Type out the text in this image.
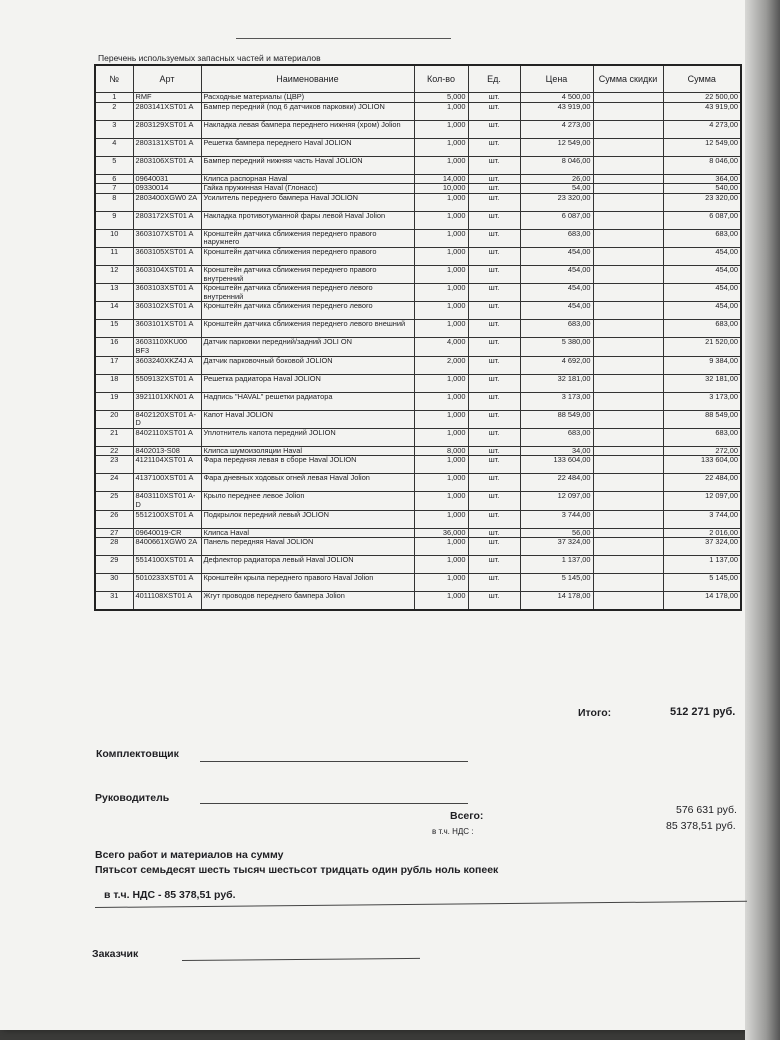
Перечень используемых запасных частей и материалов
№	Арт	Наименование	Кол-во	Ед.	Цена	Сумма скидки	Сумма
1	RMF	Расходные материалы (ЦВР)	5,000	шт.	4 500,00		22 500,00
2	2803141XST01 A	Бампер передний (под 6 датчиков парковки) JOLION	1,000	шт.	43 919,00		43 919,00
3	2803129XST01 A	Накладка левая бампера переднего нижняя (хром) Jolion	1,000	шт.	4 273,00		4 273,00
4	2803131XST01 A	Решетка бампера переднего Haval JOLION	1,000	шт.	12 549,00		12 549,00
5	2803106XST01 A	Бампер передний нижняя часть Haval JOLION	1,000	шт.	8 046,00		8 046,00
6	09640031	Клипса распорная Haval	14,000	шт.	26,00		364,00
7	09330014	Гайка пружинная Haval (Глонасс)	10,000	шт.	54,00		540,00
8	2803400XGW0 2A	Усилитель переднего бампера Haval JOLION	1,000	шт.	23 320,00		23 320,00
9	2803172XST01 A	Накладка противотуманной фары левой Haval Jolion	1,000	шт.	6 087,00		6 087,00
10	3603107XST01 A	Кронштейн датчика сближения переднего правого наружнего	1,000	шт.	683,00		683,00
11	3603105XST01 A	Кронштейн датчика сближения переднего правого	1,000	шт.	454,00		454,00
12	3603104XST01 A	Кронштейн датчика сближения переднего правого внутренний	1,000	шт.	454,00		454,00
13	3603103XST01 A	Кронштейн датчика сближения переднего левого внутренний	1,000	шт.	454,00		454,00
14	3603102XST01 A	Кронштейн датчика сближения переднего левого	1,000	шт.	454,00		454,00
15	3603101XST01 A	Кронштейн датчика сближения переднего левого внешний	1,000	шт.	683,00		683,00
16	3603110XKU00 BF3	Датчик парковки передний/задний JOLI ON	4,000	шт.	5 380,00		21 520,00
17	3603240XKZ4J A	Датчик парковочный боковой JOLION	2,000	шт.	4 692,00		9 384,00
18	5509132XST01 A	Решетка радиатора Haval JOLION	1,000	шт.	32 181,00		32 181,00
19	3921101XKN01 A	Надпись "HAVAL" решетки радиатора	1,000	шт.	3 173,00		3 173,00
20	8402120XST01 A-D	Капот Haval JOLION	1,000	шт.	88 549,00		88 549,00
21	8402110XST01 A	Уплотнитель капота передний JOLION	1,000	шт.	683,00		683,00
22	8402013-S08	Клипса шумоизоляции Haval	8,000	шт.	34,00		272,00
23	4121104XST01 A	Фара передняя левая в сборе Haval JOLION	1,000	шт.	133 604,00		133 604,00
24	4137100XST01 A	Фара дневных ходовых огней левая Haval Jolion	1,000	шт.	22 484,00		22 484,00
25	8403110XST01 A-D	Крыло переднее левое Jolion	1,000	шт.	12 097,00		12 097,00
26	5512100XST01 A	Подкрылок передний левый JOLION	1,000	шт.	3 744,00		3 744,00
27	09640019-CR	Клипса Haval	36,000	шт.	56,00		2 016,00
28	8400661XGW0 2A	Панель передняя Haval JOLION	1,000	шт.	37 324,00		37 324,00
29	5514100XST01 A	Дефлектор радиатора левый Haval JOLION	1,000	шт.	1 137,00		1 137,00
30	5010233XST01 A	Кронштейн крыла переднего правого Haval Jolion	1,000	шт.	5 145,00		5 145,00
31	4011108XST01 A	Жгут проводов переднего бампера Jolion	1,000	шт.	14 178,00		14 178,00
Итого:	512 271 руб.
Комплектовщик
Руководитель
Всего:	576 631 руб.
в т.ч. НДС :	85 378,51 руб.
Всего работ и материалов на сумму
Пятьсот семьдесят шесть тысяч шестьсот тридцать один рубль ноль копеек
в т.ч. НДС - 85 378,51 руб.
Заказчик
